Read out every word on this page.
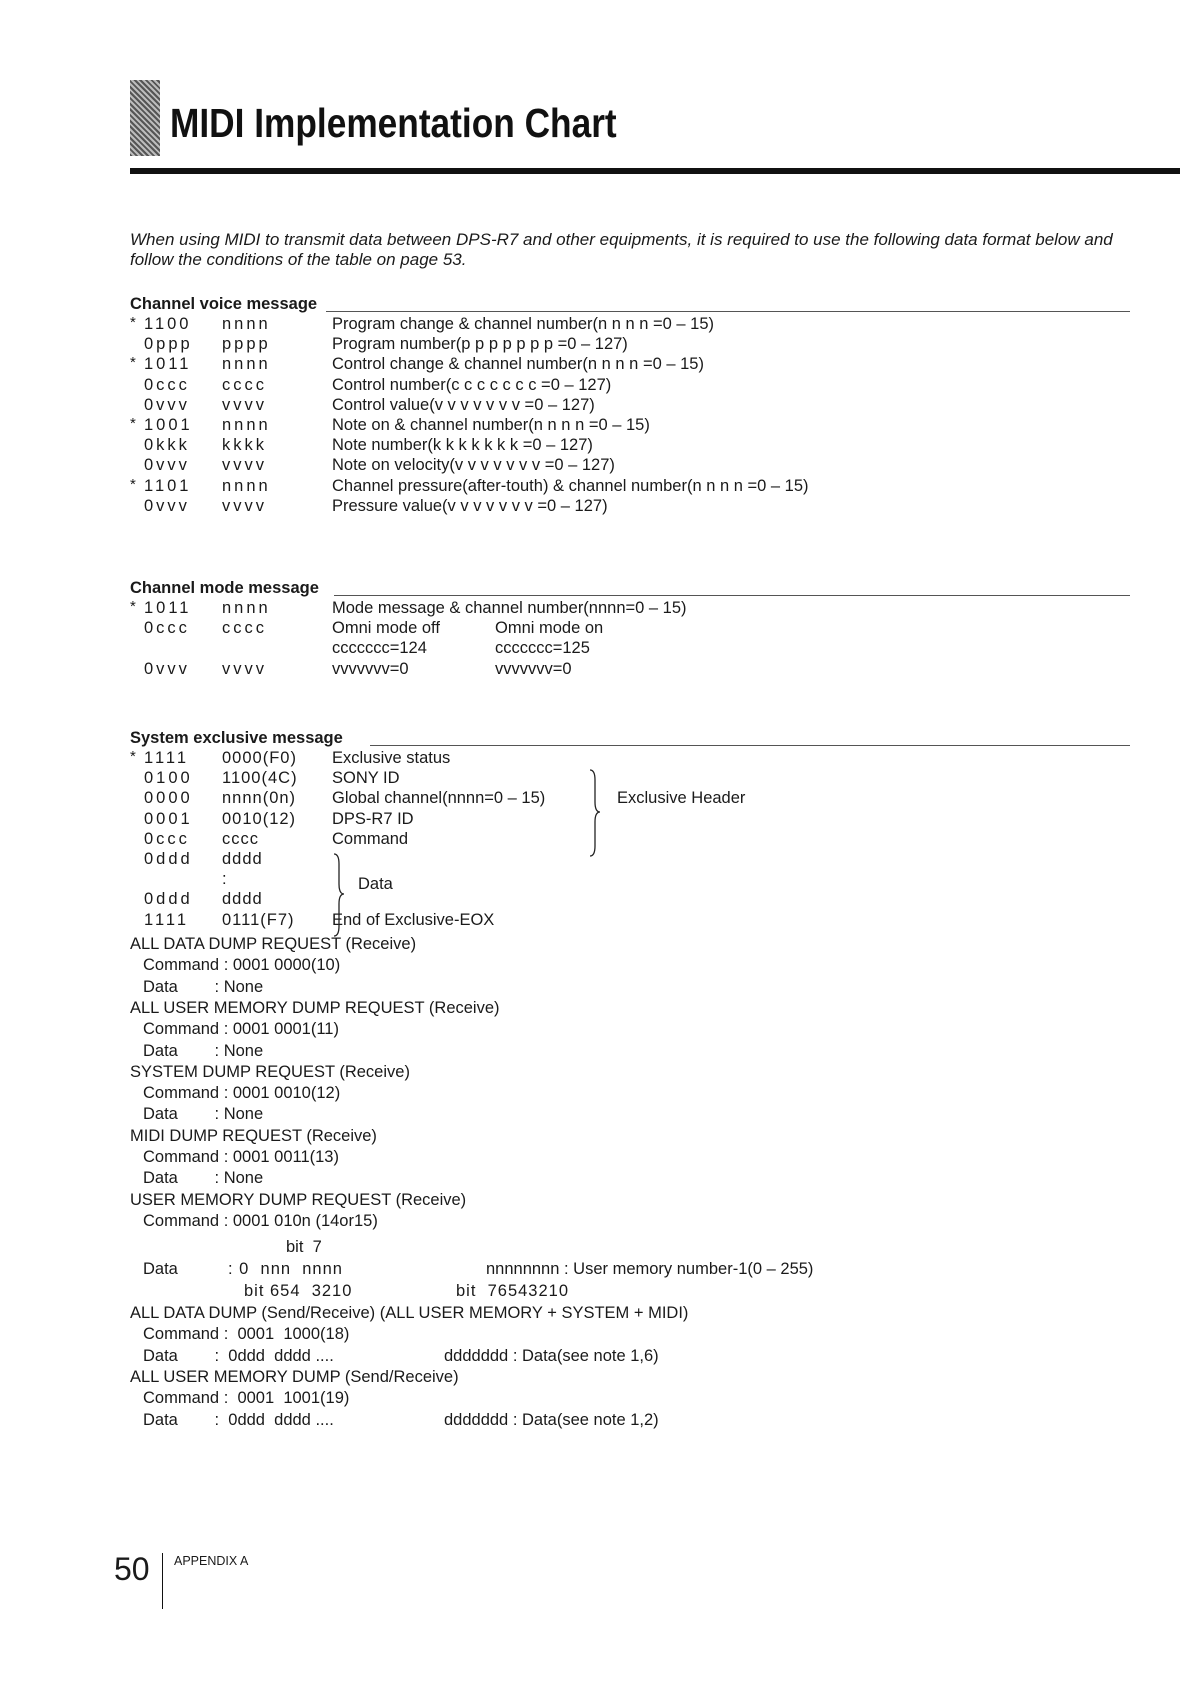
MIDI Implementation Chart

When using MIDI to transmit data between DPS-R7 and other equipments, it is required to use the following data format below and follow the conditions of the table on page 53.

Channel voice message
* 1100 nnnn	Program change & channel number(n n n n =0 – 15)
0ppp pppp	Program number(p p p p p p p =0 – 127)
* 1011 nnnn	Control change & channel number(n n n n =0 – 15)
0ccc cccc	Control number(c c c c c c c =0 – 127)
0vvv vvvv	Control value(v v v v v v v =0 – 127)
* 1001 nnnn	Note on & channel number(n n n n =0 – 15)
0kkk kkkk	Note number(k k k k k k k =0 – 127)
0vvv vvvv	Note on velocity(v v v v v v v =0 – 127)
* 1101 nnnn	Channel pressure(after-touth) & channel number(n n n n =0 – 15)
0vvv vvvv	Pressure value(v v v v v v v =0 – 127)
Channel mode message
* 1011 nnnn	Mode message & channel number(nnnn=0 – 15)
0ccc cccc	Omni mode off	Omni mode on
ccccccc=124	ccccccc=125
0vvv vvvv	vvvvvvv=0	vvvvvvv=0
System exclusive message
* 1111 0000(F0) Exclusive status
0100 1100(4C) SONY ID
0000 nnnn(0n) Global channel(nnnn=0 – 15)
0001 0010(12) DPS-R7 ID
0ccc cccc	Command
0ddd dddd
:
0ddd dddd
1111 0111(F7) End of Exclusive-EOX
Exclusive Header
Data
ALL DATA DUMP REQUEST (Receive)
Command : 0001 0000(10)
Data        : None
ALL USER MEMORY DUMP REQUEST (Receive)
Command : 0001 0001(11)
Data        : None
SYSTEM DUMP REQUEST (Receive)
Command : 0001 0010(12)
Data        : None
MIDI DUMP REQUEST (Receive)
Command : 0001 0011(13)
Data        : None
USER MEMORY DUMP REQUEST (Receive)
Command : 0001 010n (14or15)
bit  7
Data	: 0  nnn  nnnn	nnnnnnnn : User memory number-1(0 – 255)
bit 654  3210	bit  76543210
ALL DATA DUMP (Send/Receive) (ALL USER MEMORY + SYSTEM + MIDI)
Command :  0001  1000(18)
Data        :  0ddd  dddd ....	ddddddd : Data(see note 1,6)
ALL USER MEMORY DUMP (Send/Receive)
Command :  0001  1001(19)
Data        :  0ddd  dddd ....	ddddddd : Data(see note 1,2)
50 APPENDIX A
